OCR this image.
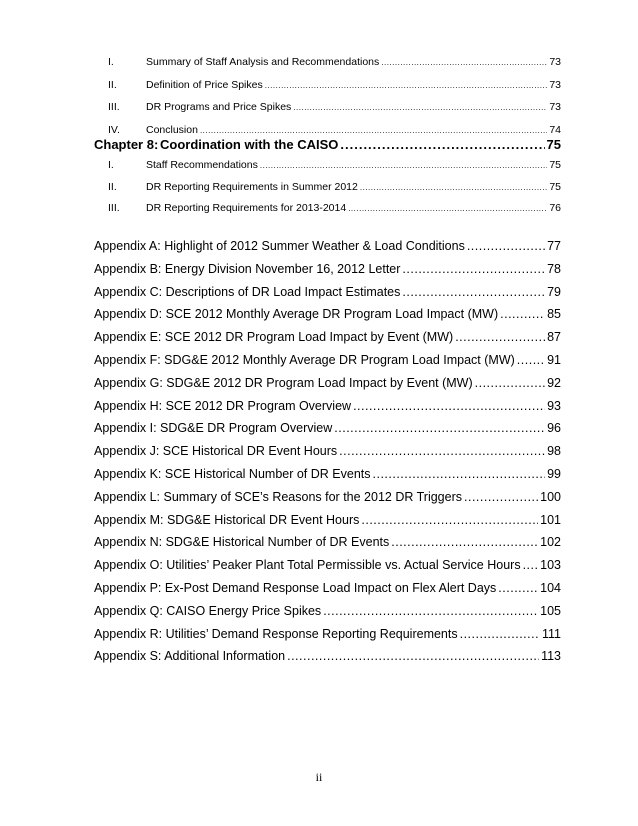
I.	Summary of Staff Analysis and Recommendations .....	73
II.	Definition of Price Spikes .....	73
III.	DR Programs and Price Spikes .....	73
IV.	Conclusion .....	74
Chapter 8: Coordination with the CAISO .....	75
I.	Staff Recommendations .....	75
II.	DR Reporting Requirements in Summer 2012 .....	75
III.	DR Reporting Requirements for 2013-2014 .....	76
Appendix A: Highlight of 2012 Summer Weather & Load Conditions .....	77
Appendix B: Energy Division November 16, 2012 Letter .....	78
Appendix C: Descriptions of DR Load Impact Estimates .....	79
Appendix D: SCE 2012 Monthly Average DR Program Load Impact (MW) .....	85
Appendix E: SCE 2012 DR Program Load Impact by Event (MW) .....	87
Appendix F: SDG&E 2012 Monthly Average DR Program Load Impact (MW) .....	91
Appendix G: SDG&E 2012 DR Program Load Impact by Event (MW) .....	92
Appendix H: SCE 2012 DR Program Overview .....	93
Appendix I: SDG&E DR Program Overview .....	96
Appendix J: SCE Historical DR Event Hours .....	98
Appendix K: SCE Historical Number of DR Events .....	99
Appendix L: Summary of SCE’s Reasons for the 2012 DR Triggers .....	100
Appendix M: SDG&E Historical DR Event Hours .....	101
Appendix N: SDG&E Historical Number of DR Events .....	102
Appendix O: Utilities’ Peaker Plant Total Permissible vs. Actual Service Hours ..... 103
Appendix P: Ex-Post Demand Response Load Impact on Flex Alert Days .....	104
Appendix Q: CAISO Energy Price Spikes .....	105
Appendix R: Utilities’ Demand Response Reporting Requirements .....	111
Appendix S: Additional Information .....	113
ii
